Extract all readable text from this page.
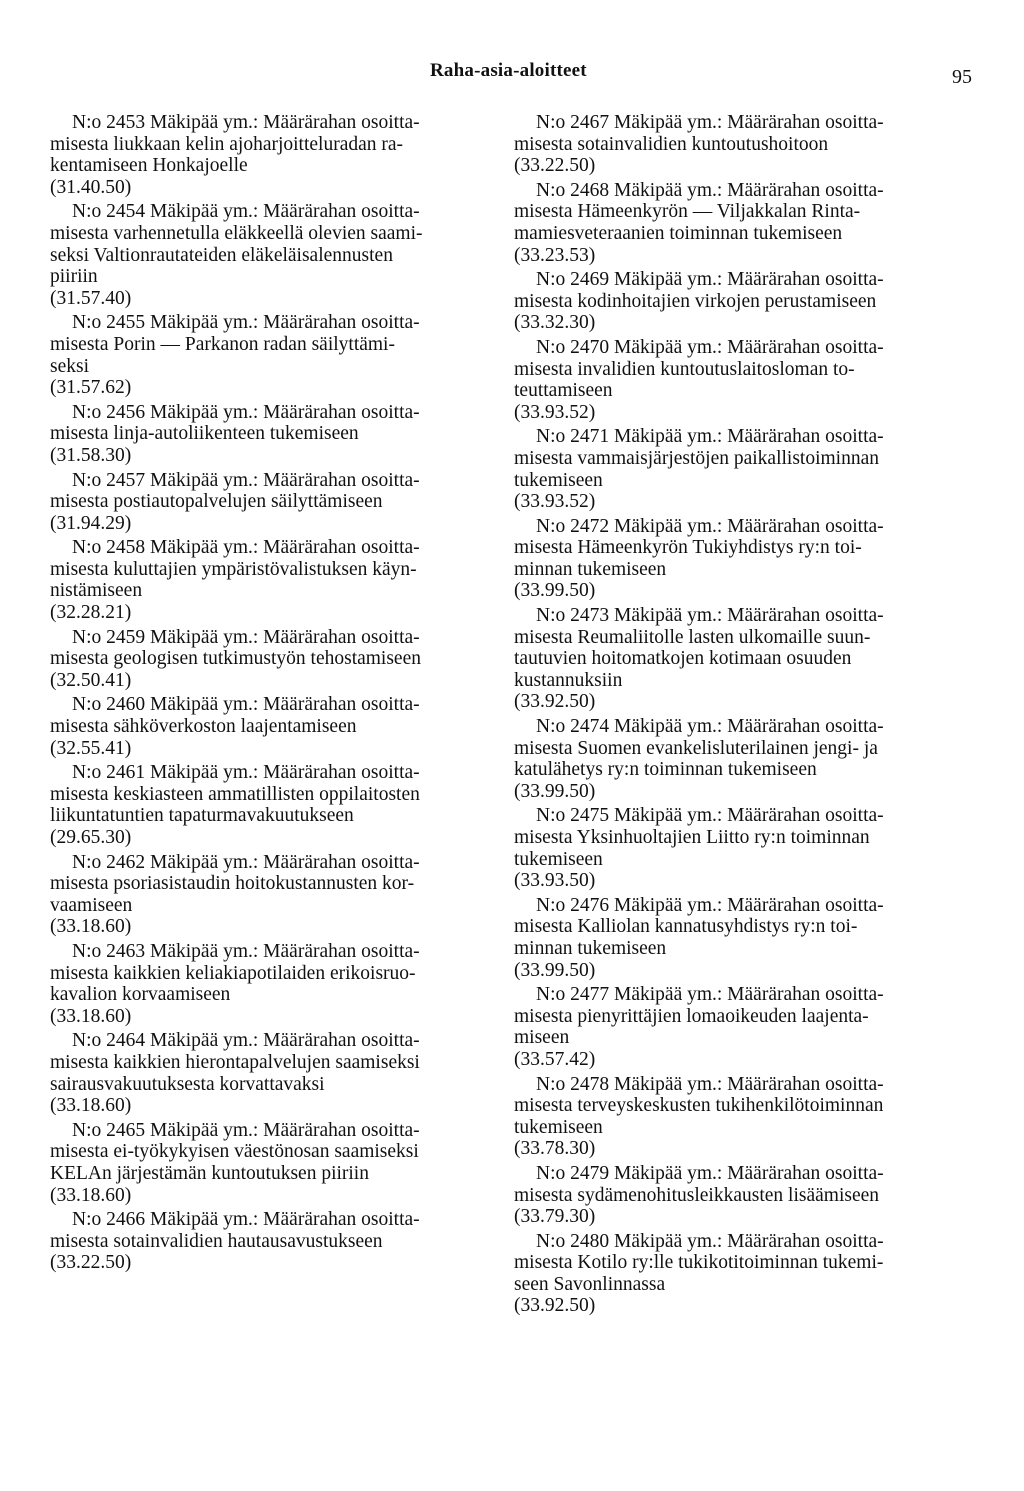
Raha-asia-aloitteet	95

N:o 2453 Mäkipää ym.: Määrärahan osoitta-

misesta liukkaan kelin ajoharjoitteluradan ra-

kentamiseen Honkajoelle

(31.40.50)

N:o 2454 Mäkipää ym.: Määrärahan osoitta-

misesta varhennetulla eläkkeellä olevien saami-

seksi Valtionrautateiden eläkeläisalennusten

piiriin

(31.57.40)

N:o 2455 Mäkipää ym.: Määrärahan osoitta-

misesta Porin — Parkanon radan säilyttämi-

seksi

(31.57.62)

N:o 2456 Mäkipää ym.: Määrärahan osoitta-

misesta linja-autoliikenteen tukemiseen

(31.58.30)

N:o 2457 Mäkipää ym.: Määrärahan osoitta-

misesta postiautopalvelujen säilyttämiseen

(31.94.29)

N:o 2458 Mäkipää ym.: Määrärahan osoitta-

misesta kuluttajien ympäristövalistuksen käyn-

nistämiseen

(32.28.21)

N:o 2459 Mäkipää ym.: Määrärahan osoitta-

misesta geologisen tutkimustyön tehostamiseen

(32.50.41)

N:o 2460 Mäkipää ym.: Määrärahan osoitta-

misesta sähköverkoston laajentamiseen

(32.55.41)

N:o 2461 Mäkipää ym.: Määrärahan osoitta-

misesta keskiasteen ammatillisten oppilaitosten

liikuntatuntien tapaturmavakuutukseen

(29.65.30)

N:o 2462 Mäkipää ym.: Määrärahan osoitta-

misesta psoriasistaudin hoitokustannusten kor-

vaamiseen

(33.18.60)

N:o 2463 Mäkipää ym.: Määrärahan osoitta-

misesta kaikkien keliakiapotilaiden erikoisruo-

kavalion korvaamiseen

(33.18.60)

N:o 2464 Mäkipää ym.: Määrärahan osoitta-

misesta kaikkien hierontapalvelujen saamiseksi

sairausvakuutuksesta korvattavaksi

(33.18.60)

N:o 2465 Mäkipää ym.: Määrärahan osoitta-

misesta ei-työkykyisen väestönosan saamiseksi

KELAn järjestämän kuntoutuksen piiriin

(33.18.60)

N:o 2466 Mäkipää ym.: Määrärahan osoitta-

misesta sotainvalidien hautausavustukseen

(33.22.50)

N:o 2467 Mäkipää ym.: Määrärahan osoitta-

misesta sotainvalidien kuntoutushoitoon

(33.22.50)

N:o 2468 Mäkipää ym.: Määrärahan osoitta-

misesta Hämeenkyrön — Viljakkalan Rinta-

mamiesveteraanien toiminnan tukemiseen

(33.23.53)

N:o 2469 Mäkipää ym.: Määrärahan osoitta-

misesta kodinhoitajien virkojen perustamiseen

(33.32.30)

N:o 2470 Mäkipää ym.: Määrärahan osoitta-

misesta invalidien kuntoutuslaitosloman to-

teuttamiseen

(33.93.52)

N:o 2471 Mäkipää ym.: Määrärahan osoitta-

misesta vammaisjärjestöjen paikallistoiminnan

tukemiseen

(33.93.52)

N:o 2472 Mäkipää ym.: Määrärahan osoitta-

misesta Hämeenkyrön Tukiyhdistys ry:n toi-

minnan tukemiseen

(33.99.50)

N:o 2473 Mäkipää ym.: Määrärahan osoitta-

misesta Reumaliitolle lasten ulkomaille suun-

tautuvien hoitomatkojen kotimaan osuuden

kustannuksiin

(33.92.50)

N:o 2474 Mäkipää ym.: Määrärahan osoitta-

misesta Suomen evankelisluterilainen jengi- ja

katulähetys ry:n toiminnan tukemiseen

(33.99.50)

N:o 2475 Mäkipää ym.: Määrärahan osoitta-

misesta Yksinhuoltajien Liitto ry:n toiminnan

tukemiseen

(33.93.50)

N:o 2476 Mäkipää ym.: Määrärahan osoitta-

misesta Kalliolan kannatusyhdistys ry:n toi-

minnan tukemiseen

(33.99.50)

N:o 2477 Mäkipää ym.: Määrärahan osoitta-

misesta pienyrittäjien lomaoikeuden laajenta-

miseen

(33.57.42)

N:o 2478 Mäkipää ym.: Määrärahan osoitta-

misesta terveyskeskusten tukihenkilötoiminnan

tukemiseen

(33.78.30)

N:o 2479 Mäkipää ym.: Määrärahan osoitta-

misesta sydämenohitusleikkausten lisäämiseen

(33.79.30)

N:o 2480 Mäkipää ym.: Määrärahan osoitta-

misesta Kotilo ry:lle tukikotitoiminnan tukemi-

seen Savonlinnassa

(33.92.50)
